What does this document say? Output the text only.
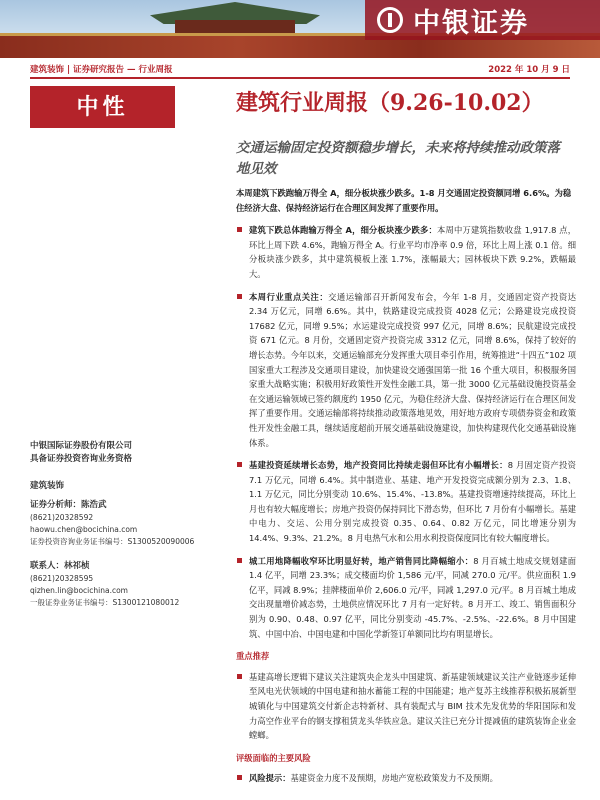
中银证券
建筑装饰 | 证券研究报告 — 行业周报	2022 年 10 月 9 日
中性	建筑行业周报（9.26-10.02）
交通运输固定投资额稳步增长，未来将持续推动政策落地见效
中银国际证券股份有限公司
具备证券投资咨询业务资格
建筑装饰
证券分析师：陈浩武
(8621)20328592
haowu.chen@bocichina.com
证券投资咨询业务证书编号：S1300520090006
联系人：林祁桢
(8621)20328595
qizhen.lin@bocichina.com
一般证券业务证书编号：S1300121080012
本周建筑下跌跑输万得全 A，细分板块涨少跌多。1-8 月交通固定投资额同增 6.6%。为稳住经济大盘、保持经济运行在合理区间发挥了重要作用。
建筑下跌总体跑输万得全 A，细分板块涨少跌多：本周中万建筑指数收盘 1,917.8 点，环比上周下跌 4.6%，跑输万得全 A。行业平均市净率 0.9 倍，环比上周上涨 0.1 倍。细分板块涨少跌多，其中建筑模板上涨 1.7%，涨幅最大；园林板块下跌 9.2%，跌幅最大。
本周行业重点关注：交通运输部召开新闻发布会，今年 1-8 月，交通固定资产投资达 2.34 万亿元，同增 6.6%。其中，铁路建设完成投资 4028 亿元；公路建设完成投资 17682 亿元，同增 9.5%；水运建设完成投资 997 亿元，同增 8.6%；民航建设完成投资 671 亿元。8 月份，交通固定资产投资完成 3312 亿元，同增 8.6%，保持了较好的增长态势。今年以来，交通运输部充分发挥重大项目牵引作用，统筹推进“十四五”102 项国家重大工程涉及交通项目建设，加快建设交通强国第一批 16 个重大项目，积极服务国家重大战略实施；积极用好政策性开发性金融工具，第一批 3000 亿元基础设施投资基金在交通运输领域已签约额度约 1950 亿元，为稳住经济大盘、保持经济运行在合理区间发挥了重要作用。交通运输部将持续推动政策落地见效，用好地方政府专项债券资金和政策性开发性金融工具，继续适度超前开展交通基础设施建设，加快构建现代化交通基础设施体系。
基建投资延续增长态势，地产投资同比持续走弱但环比有小幅增长：8 月固定资产投资 7.1 万亿元，同增 6.4%。其中制造业、基建、地产开发投资完成额分别为 2.3、1.8、1.1 万亿元，同比分别变动 10.6%、15.4%、-13.8%。基建投资增速持续提高，环比上月也有较大幅度增长；房地产投资仍保持同比下滑态势，但环比 7 月份有小幅增长。基建中电力、交运、公用分别完成投资 0.35、0.64、0.82 万亿元，同比增速分别为 14.4%、9.3%、21.2%。8 月电热气水和公用水利投资保度同比有较大幅度增长。
城工用地降幅收窄环比明显好转，地产销售同比降幅缩小：8 月百城土地成交规划建面 1.4 亿平，同增 23.3%；成交楼面均价 1,586 元/平，同减 270.0 元/平。供应面积 1.9 亿平，同减 8.9%；挂牌楼面单价 2,606.0 元/平，同减 1,297.0 元/平。8 月百城土地成交出现量增价减态势，土地供应情况环比 7 月有一定好转。8 月开工、竣工、销售面积分别为 0.90、0.48、0.97 亿平，同比分别变动 -45.7%、-2.5%、-22.6%。8 月中国建筑、中国中冶、中国电建和中国化学新签订单额同比均有明显增长。
重点推荐
基建高增长逻辑下建议关注建筑央企龙头中国建筑、新基建领域建议关注产业链逐步延伸至风电光伏领域的中国电建和抽水蓄能工程的中国能建；地产复苏主线推荐积极拓展新型城镇化与中国建筑交付新企志特新材、具有装配式与 BIM 技术先发优势的华阳国际和发力高空作业平台的钢支撑租赁龙头华铁应急。建议关注已充分计提减值的建筑装饰企业金螳螂。
评级面临的主要风险
风险提示：基建资金力度不及预期，房地产宽松政策发力不及预期。
